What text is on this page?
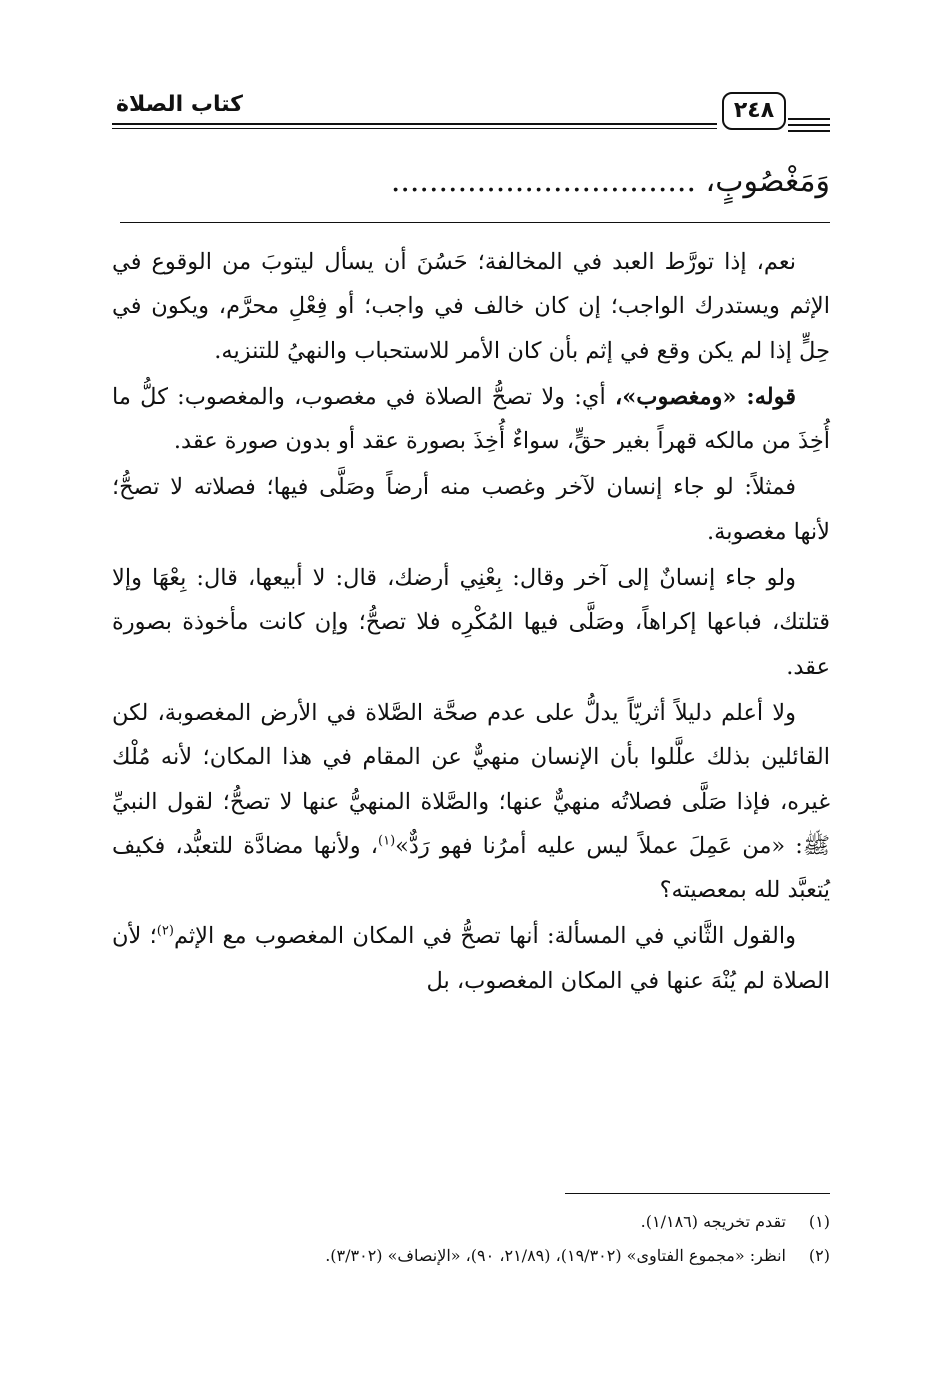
كتاب الصلاة	٢٤٨
وَمَغْصُوبٍ، ................................

نعم، إذا تورَّط العبد في المخالفة؛ حَسُنَ أن يسأل ليتوبَ من الوقوع في الإثم ويستدرك الواجب؛ إن كان خالف في واجب؛ أو فِعْلِ محرَّم، ويكون في حِلٍّ إذا لم يكن وقع في إثم بأن كان الأمر للاستحباب والنهيُ للتنزيه.

قوله: «ومغصوب»، أي: ولا تصحُّ الصلاة في مغصوب، والمغصوب: كلُّ ما أُخِذَ من مالكه قهراً بغير حقٍّ، سواءٌ أُخِذَ بصورة عقد أو بدون صورة عقد.

فمثلاً: لو جاء إنسان لآخر وغصب منه أرضاً وصَلَّى فيها؛ فصلاته لا تصحُّ؛ لأنها مغصوبة.

ولو جاء إنسانٌ إلى آخر وقال: بِعْنِي أرضك، قال: لا أبيعها، قال: بِعْهَا وإلا قتلتك، فباعها إكراهاً، وصَلَّى فيها المُكْرِه فلا تصحُّ؛ وإن كانت مأخوذة بصورة عقد.

ولا أعلم دليلاً أثريّاً يدلُّ على عدم صحَّة الصَّلاة في الأرض المغصوبة، لكن القائلين بذلك علَّلوا بأن الإنسان منهيٌّ عن المقام في هذا المكان؛ لأنه مُلْك غيره، فإذا صَلَّى فصلاتُه منهيٌّ عنها؛ والصَّلاة المنهيُّ عنها لا تصحُّ؛ لقول النبيِّ ﷺ: «من عَمِلَ عملاً ليس عليه أمرُنا فهو رَدٌّ»$^{(١)}$، ولأنها مضادَّة للتعبُّد، فكيف يُتعبَّد لله بمعصيته؟

والقول الثَّاني في المسألة: أنها تصحُّ في المكان المغصوب مع الإثم$^{(٢)}$؛ لأن الصلاة لم يُنْهَ عنها في المكان المغصوب، بل

(١)
تقدم تخريجه (١/١٨٦).
(٢)
انظر: «مجموع الفتاوى» (١٩/٣٠٢)، (٢١/٨٩، ٩٠)، «الإنصاف» (٣/٣٠٢).
